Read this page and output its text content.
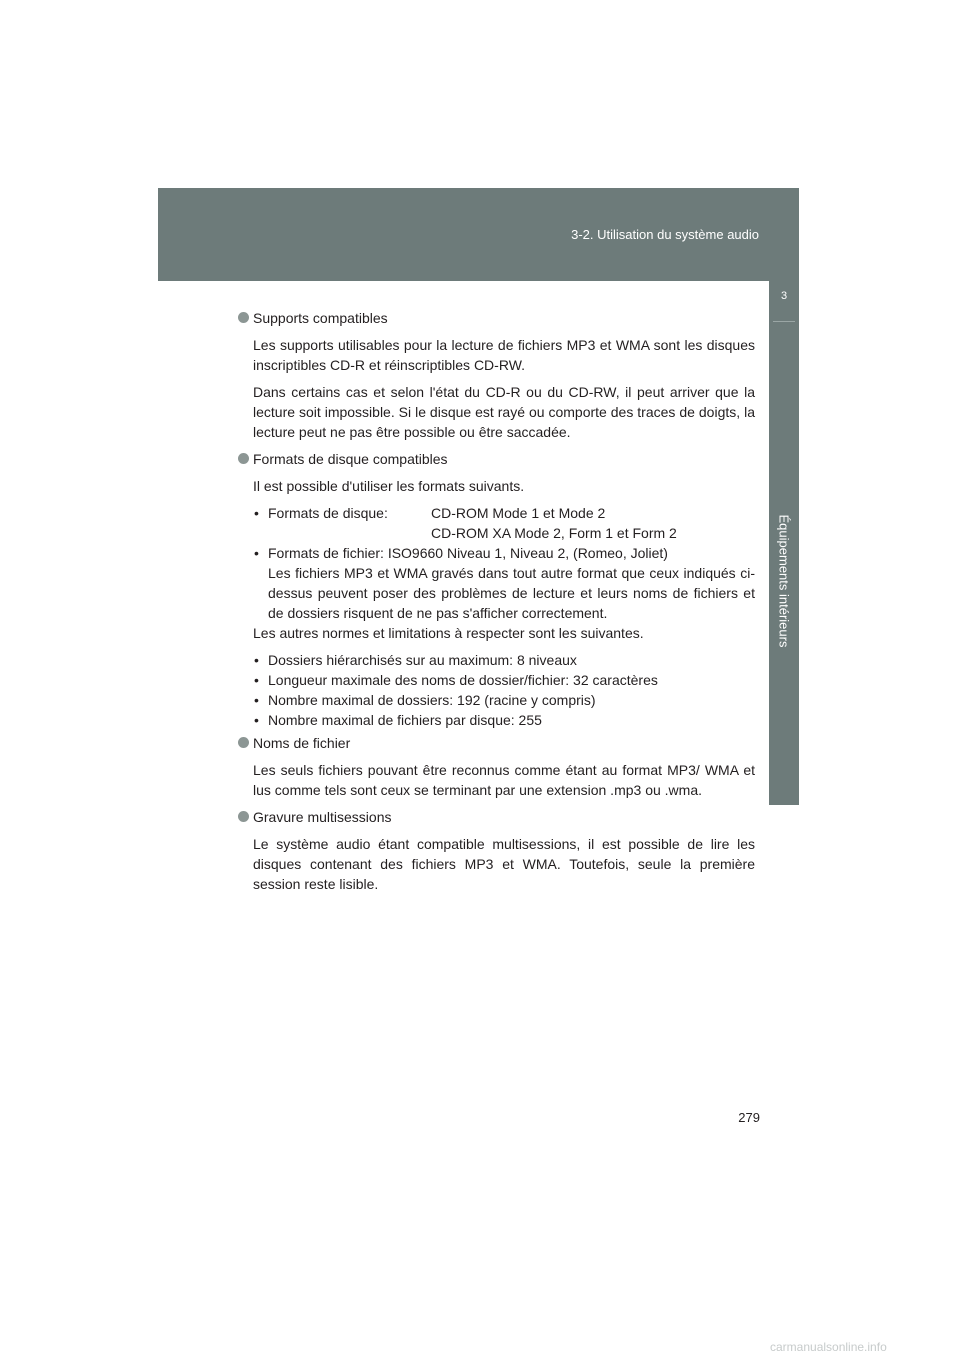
3-2. Utilisation du système audio
3
Équipements intérieurs
Supports compatibles
Les supports utilisables pour la lecture de fichiers MP3 et WMA sont les disques inscriptibles CD-R et réinscriptibles CD-RW.
Dans certains cas et selon l'état du CD-R ou du CD-RW, il peut arriver que la lecture soit impossible. Si le disque est rayé ou comporte des traces de doigts, la lecture peut ne pas être possible ou être saccadée.
Formats de disque compatibles
Il est possible d'utiliser les formats suivants.
• Formats de disque:	CD-ROM Mode 1 et Mode 2
CD-ROM XA Mode 2, Form 1 et Form 2
• Formats de fichier: ISO9660 Niveau 1, Niveau 2, (Romeo, Joliet)
Les fichiers MP3 et WMA gravés dans tout autre format que ceux indiqués ci-dessus peuvent poser des problèmes de lecture et leurs noms de fichiers et de dossiers risquent de ne pas s'afficher correctement.
Les autres normes et limitations à respecter sont les suivantes.
• Dossiers hiérarchisés sur au maximum: 8 niveaux
• Longueur maximale des noms de dossier/fichier: 32 caractères
• Nombre maximal de dossiers: 192 (racine y compris)
• Nombre maximal de fichiers par disque: 255
Noms de fichier
Les seuls fichiers pouvant être reconnus comme étant au format MP3/ WMA et lus comme tels sont ceux se terminant par une extension .mp3 ou .wma.
Gravure multisessions
Le système audio étant compatible multisessions, il est possible de lire les disques contenant des fichiers MP3 et WMA. Toutefois, seule la première session reste lisible.
279
carmanualsonline.info
